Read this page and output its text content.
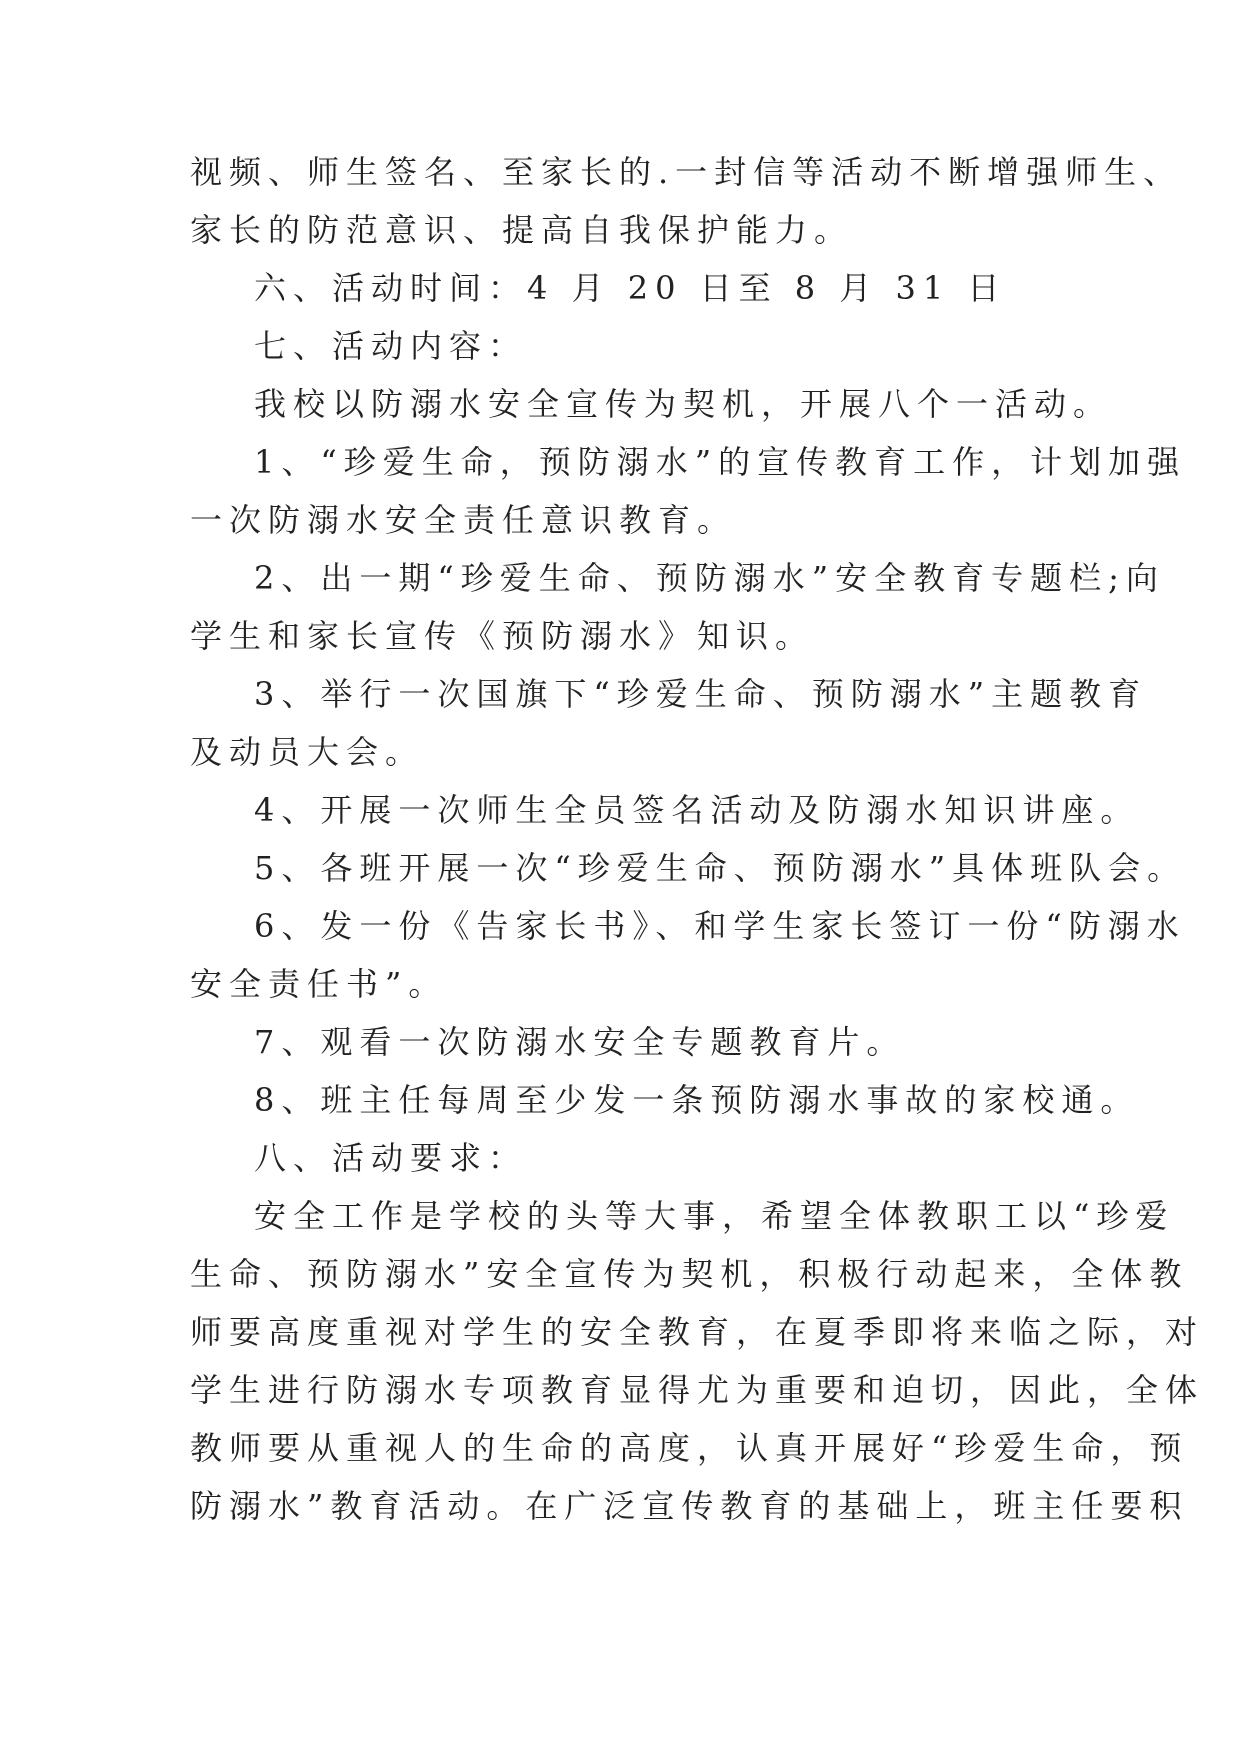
视频、师生签名、至家长的.一封信等活动不断增强师生、
家长的防范意识、提高自我保护能力。
六、活动时间：4 月 20 日至 8 月 31 日
七、活动内容：
我校以防溺水安全宣传为契机，开展八个一活动。
1、“珍爱生命，预防溺水”的宣传教育工作，计划加强
一次防溺水安全责任意识教育。
2、出一期“珍爱生命、预防溺水”安全教育专题栏;向
学生和家长宣传《预防溺水》知识。
3、举行一次国旗下“珍爱生命、预防溺水”主题教育
及动员大会。
4、开展一次师生全员签名活动及防溺水知识讲座。
5、各班开展一次“珍爱生命、预防溺水”具体班队会。
6、发一份《告家长书》、和学生家长签订一份“防溺水
安全责任书”。
7、观看一次防溺水安全专题教育片。
8、班主任每周至少发一条预防溺水事故的家校通。
八、活动要求：
安全工作是学校的头等大事，希望全体教职工以“珍爱
生命、预防溺水”安全宣传为契机，积极行动起来，全体教
师要高度重视对学生的安全教育，在夏季即将来临之际，对
学生进行防溺水专项教育显得尤为重要和迫切，因此，全体
教师要从重视人的生命的高度，认真开展好“珍爱生命，预
防溺水”教育活动。在广泛宣传教育的基础上，班主任要积
